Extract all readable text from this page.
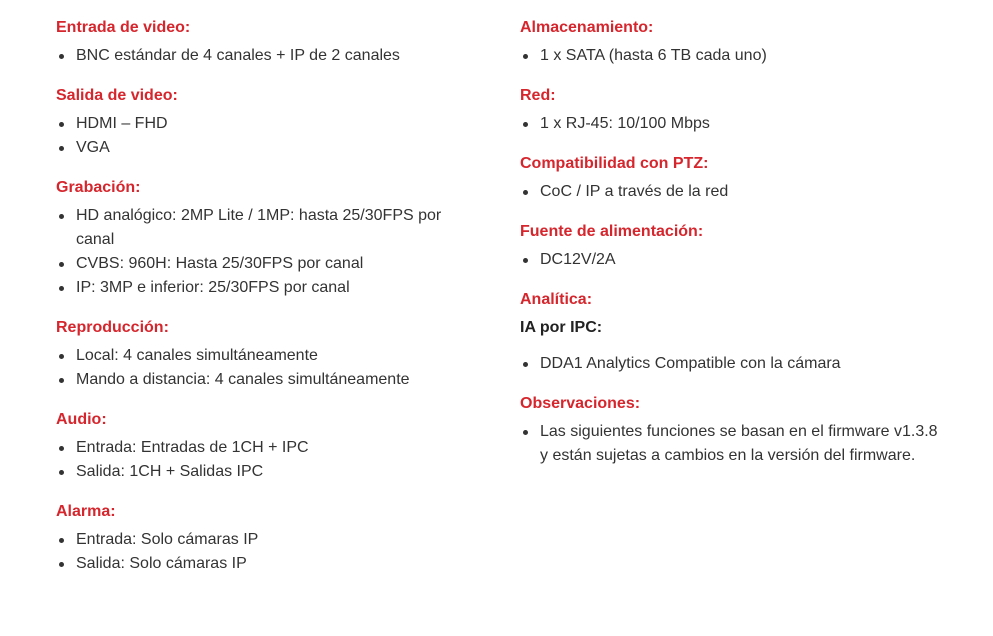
Entrada de video:
BNC estándar de 4 canales + IP de 2 canales
Salida de video:
HDMI – FHD
VGA
Grabación:
HD analógico: 2MP Lite / 1MP: hasta 25/30FPS por canal
CVBS: 960H: Hasta 25/30FPS por canal
IP: 3MP e inferior: 25/30FPS por canal
Reproducción:
Local: 4 canales simultáneamente
Mando a distancia: 4 canales simultáneamente
Audio:
Entrada: Entradas de 1CH + IPC
Salida: 1CH + Salidas IPC
Alarma:
Entrada: Solo cámaras IP
Salida: Solo cámaras IP
Almacenamiento:
1 x SATA (hasta 6 TB cada uno)
Red:
1 x RJ-45: 10/100 Mbps
Compatibilidad con PTZ:
CoC / IP a través de la red
Fuente de alimentación:
DC12V/2A
Analítica:
IA por IPC:
DDA1 Analytics Compatible con la cámara
Observaciones:
Las siguientes funciones se basan en el firmware v1.3.8 y están sujetas a cambios en la versión del firmware.
